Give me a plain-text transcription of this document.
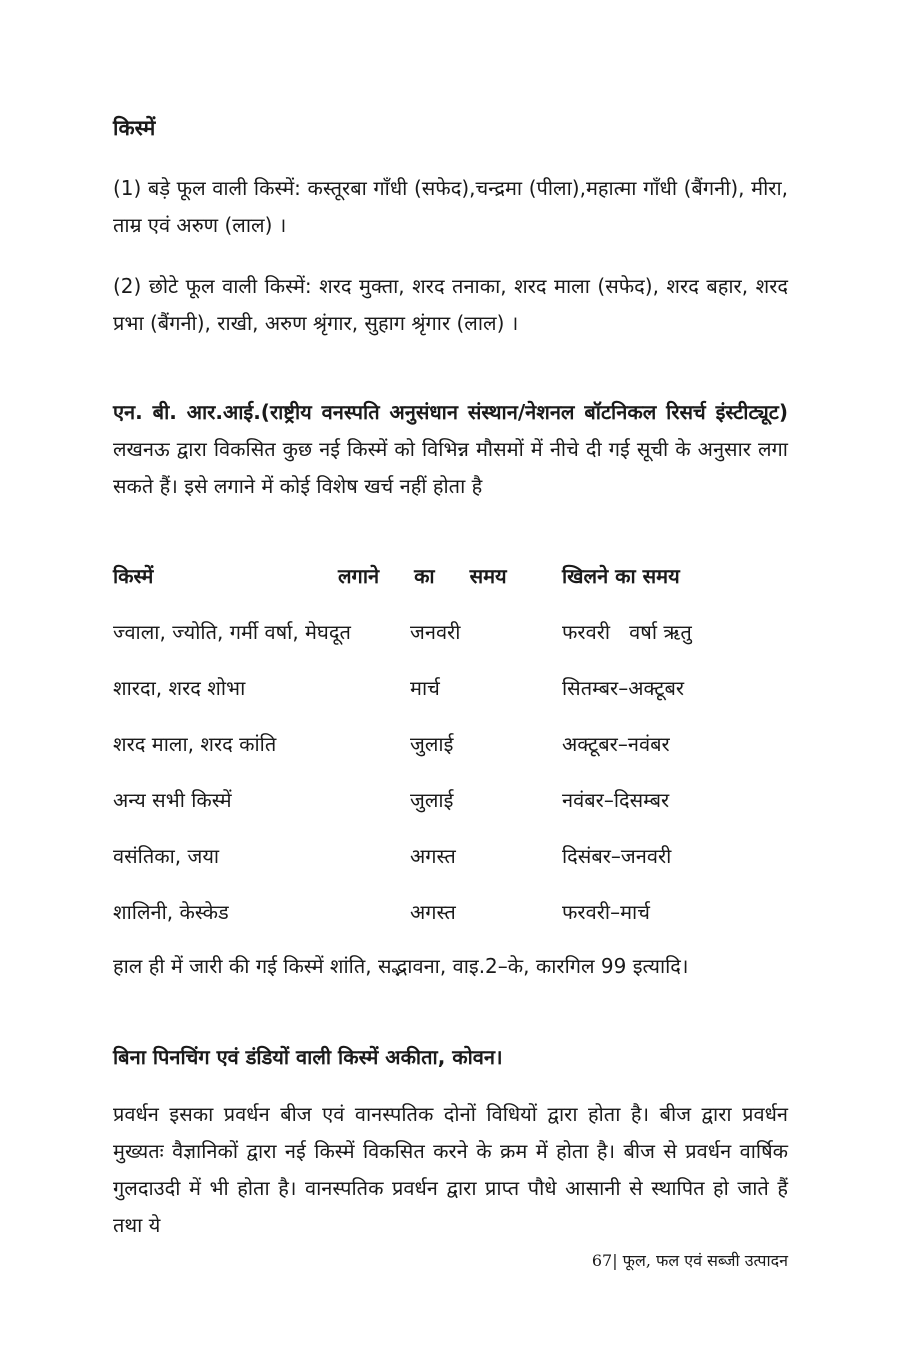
किस्में
(1) बड़े फूल वाली किस्में: कस्तूरबा गाँधी (सफेद),चन्द्रमा (पीला),महात्मा गाँधी (बैंगनी), मीरा, ताम्र एवं अरुण (लाल) ।
(2) छोटे फूल वाली किस्में: शरद मुक्ता, शरद तनाका, शरद माला (सफेद), शरद बहार, शरद प्रभा (बैंगनी), राखी, अरुण श्रृंगार, सुहाग श्रृंगार (लाल) ।
एन. बी. आर.आई.(राष्ट्रीय वनस्पति अनुसंधान संस्थान/नेशनल बॉटनिकल रिसर्च इंस्टीट्यूट) लखनऊ द्वारा विकसित कुछ नई किस्में को विभिन्न मौसमों में नीचे दी गई सूची के अनुसार लगा सकते हैं। इसे लगाने में कोई विशेष खर्च नहीं होता है
किस्में	लगाने का समय	खिलने का समय
ज्वाला, ज्योति, गर्मी वर्षा, मेघदूत	जनवरी	फरवरी   वर्षा ऋतु
शारदा, शरद शोभा	मार्च	सितम्बर–अक्टूबर
शरद माला, शरद कांति	जुलाई	अक्टूबर–नवंबर
अन्य सभी किस्में	जुलाई	नवंबर–दिसम्बर
वसंतिका, जया	अगस्त	दिसंबर–जनवरी
शालिनी, केस्केड	अगस्त	फरवरी–मार्च
हाल ही में जारी की गई किस्में शांति, सद्भावना, वाइ.2–के, कारगिल 99 इत्यादि।
बिना पिनचिंग एवं डंडियों वाली किस्में अकीता, कोवन।
प्रवर्धन इसका प्रवर्धन बीज एवं वानस्पतिक दोनों विधियों द्वारा होता है। बीज द्वारा प्रवर्धन मुख्यतः वैज्ञानिकों द्वारा नई किस्में विकसित करने के क्रम में होता है। बीज से प्रवर्धन वार्षिक गुलदाउदी में भी होता है। वानस्पतिक प्रवर्धन द्वारा प्राप्त पौधे आसानी से स्थापित हो जाते हैं तथा ये
67| फूल, फल एवं सब्जी उत्पादन
